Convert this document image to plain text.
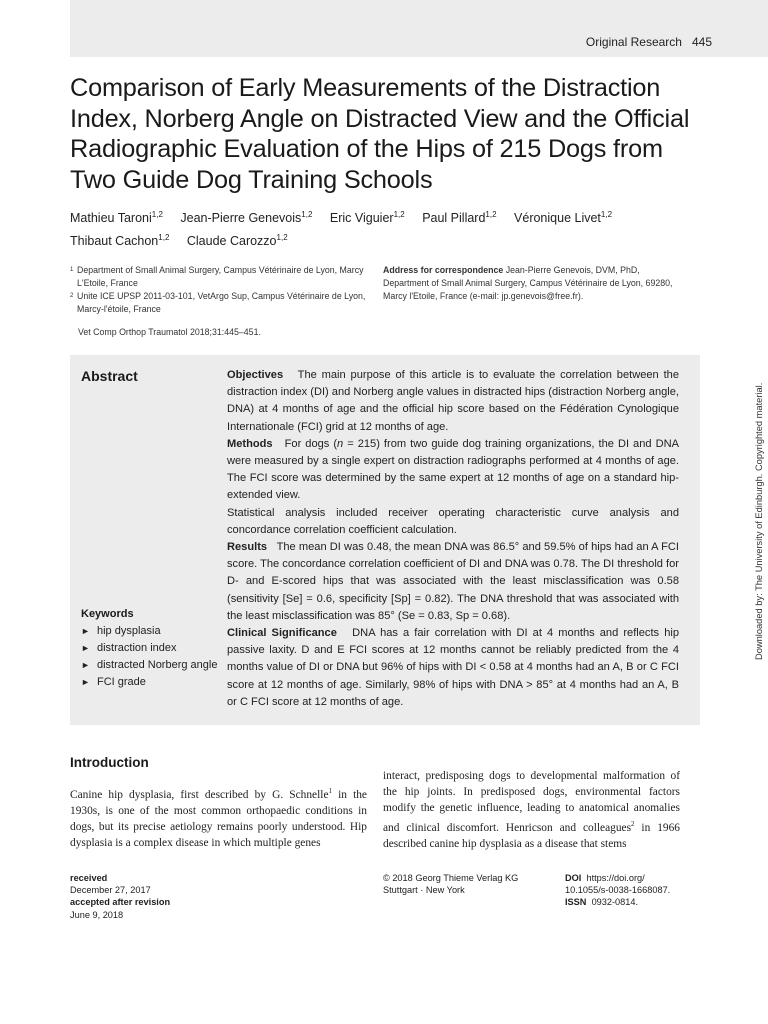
Original Research 445
Comparison of Early Measurements of the Distraction Index, Norberg Angle on Distracted View and the Official Radiographic Evaluation of the Hips of 215 Dogs from Two Guide Dog Training Schools
Mathieu Taroni$^{1,2}$ Jean-Pierre Genevois$^{1,2}$ Eric Viguier$^{1,2}$ Paul Pillard$^{1,2}$ Véronique Livet$^{1,2}$
Thibaut Cachon$^{1,2}$ Claude Carozzo$^{1,2}$
1 Department of Small Animal Surgery, Campus Vétérinaire de Lyon, Marcy L'Etoile, France
2 Unite ICE UPSP 2011-03-101, VetArgo Sup, Campus Vétérinaire de Lyon, Marcy-l'étoile, France
Address for correspondence Jean-Pierre Genevois, DVM, PhD, Department of Small Animal Surgery, Campus Vétérinaire de Lyon, 69280, Marcy l'Etoile, France (e-mail: jp.genevois@free.fr).
Vet Comp Orthop Traumatol 2018;31:445–451.
Abstract	Objectives The main purpose of this article is to evaluate the correlation between the distraction index (DI) and Norberg angle values in distracted hips (distraction Norberg angle, DNA) at 4 months of age and the official hip score based on the Fédération Cynologique Internationale (FCI) grid at 12 months of age.
Methods For dogs (n = 215) from two guide dog training organizations, the DI and DNA were measured by a single expert on distraction radiographs performed at 4 months of age. The FCI score was determined by the same expert at 12 months of age on a standard hip-extended view.
Statistical analysis included receiver operating characteristic curve analysis and concordance correlation coefficient calculation.
Results The mean DI was 0.48, the mean DNA was 86.5° and 59.5% of hips had an A FCI score. The concordance correlation coefficient of DI and DNA was 0.78. The DI threshold for D- and E-scored hips that was associated with the least misclassification was 0.58 (sensitivity [Se] = 0.6, specificity [Sp] = 0.82). The DNA threshold that was associated with the least misclassification was 85° (Se = 0.83, Sp = 0.68).
Clinical Significance DNA has a fair correlation with DI at 4 months and reflects hip passive laxity. D and E FCI scores at 12 months cannot be reliably predicted from the 4 months value of DI or DNA but 96% of hips with DI < 0.58 at 4 months had an A, B or C FCI score at 12 months of age. Similarly, 98% of hips with DNA > 85° at 4 months had an A, B or C FCI score at 12 months of age.
Keywords
► hip dysplasia
► distraction index
► distracted Norberg angle
► FCI grade
Downloaded by: The University of Edinburgh. Copyrighted material.
Introduction
Canine hip dysplasia, first described by G. Schnelle$^1$ in the 1930s, is one of the most common orthopaedic conditions in dogs, but its precise aetiology remains poorly understood. Hip dysplasia is a complex disease in which multiple genes
interact, predisposing dogs to developmental malformation of the hip joints. In predisposed dogs, environmental factors modify the genetic influence, leading to anatomical anomalies and clinical discomfort. Henricson and colleagues$^2$ in 1966 described canine hip dysplasia as a disease that stems
received
December 27, 2017
accepted after revision
June 9, 2018
© 2018 Georg Thieme Verlag KG
Stuttgart · New York
DOI https://doi.org/
10.1055/s-0038-1668087.
ISSN 0932-0814.
